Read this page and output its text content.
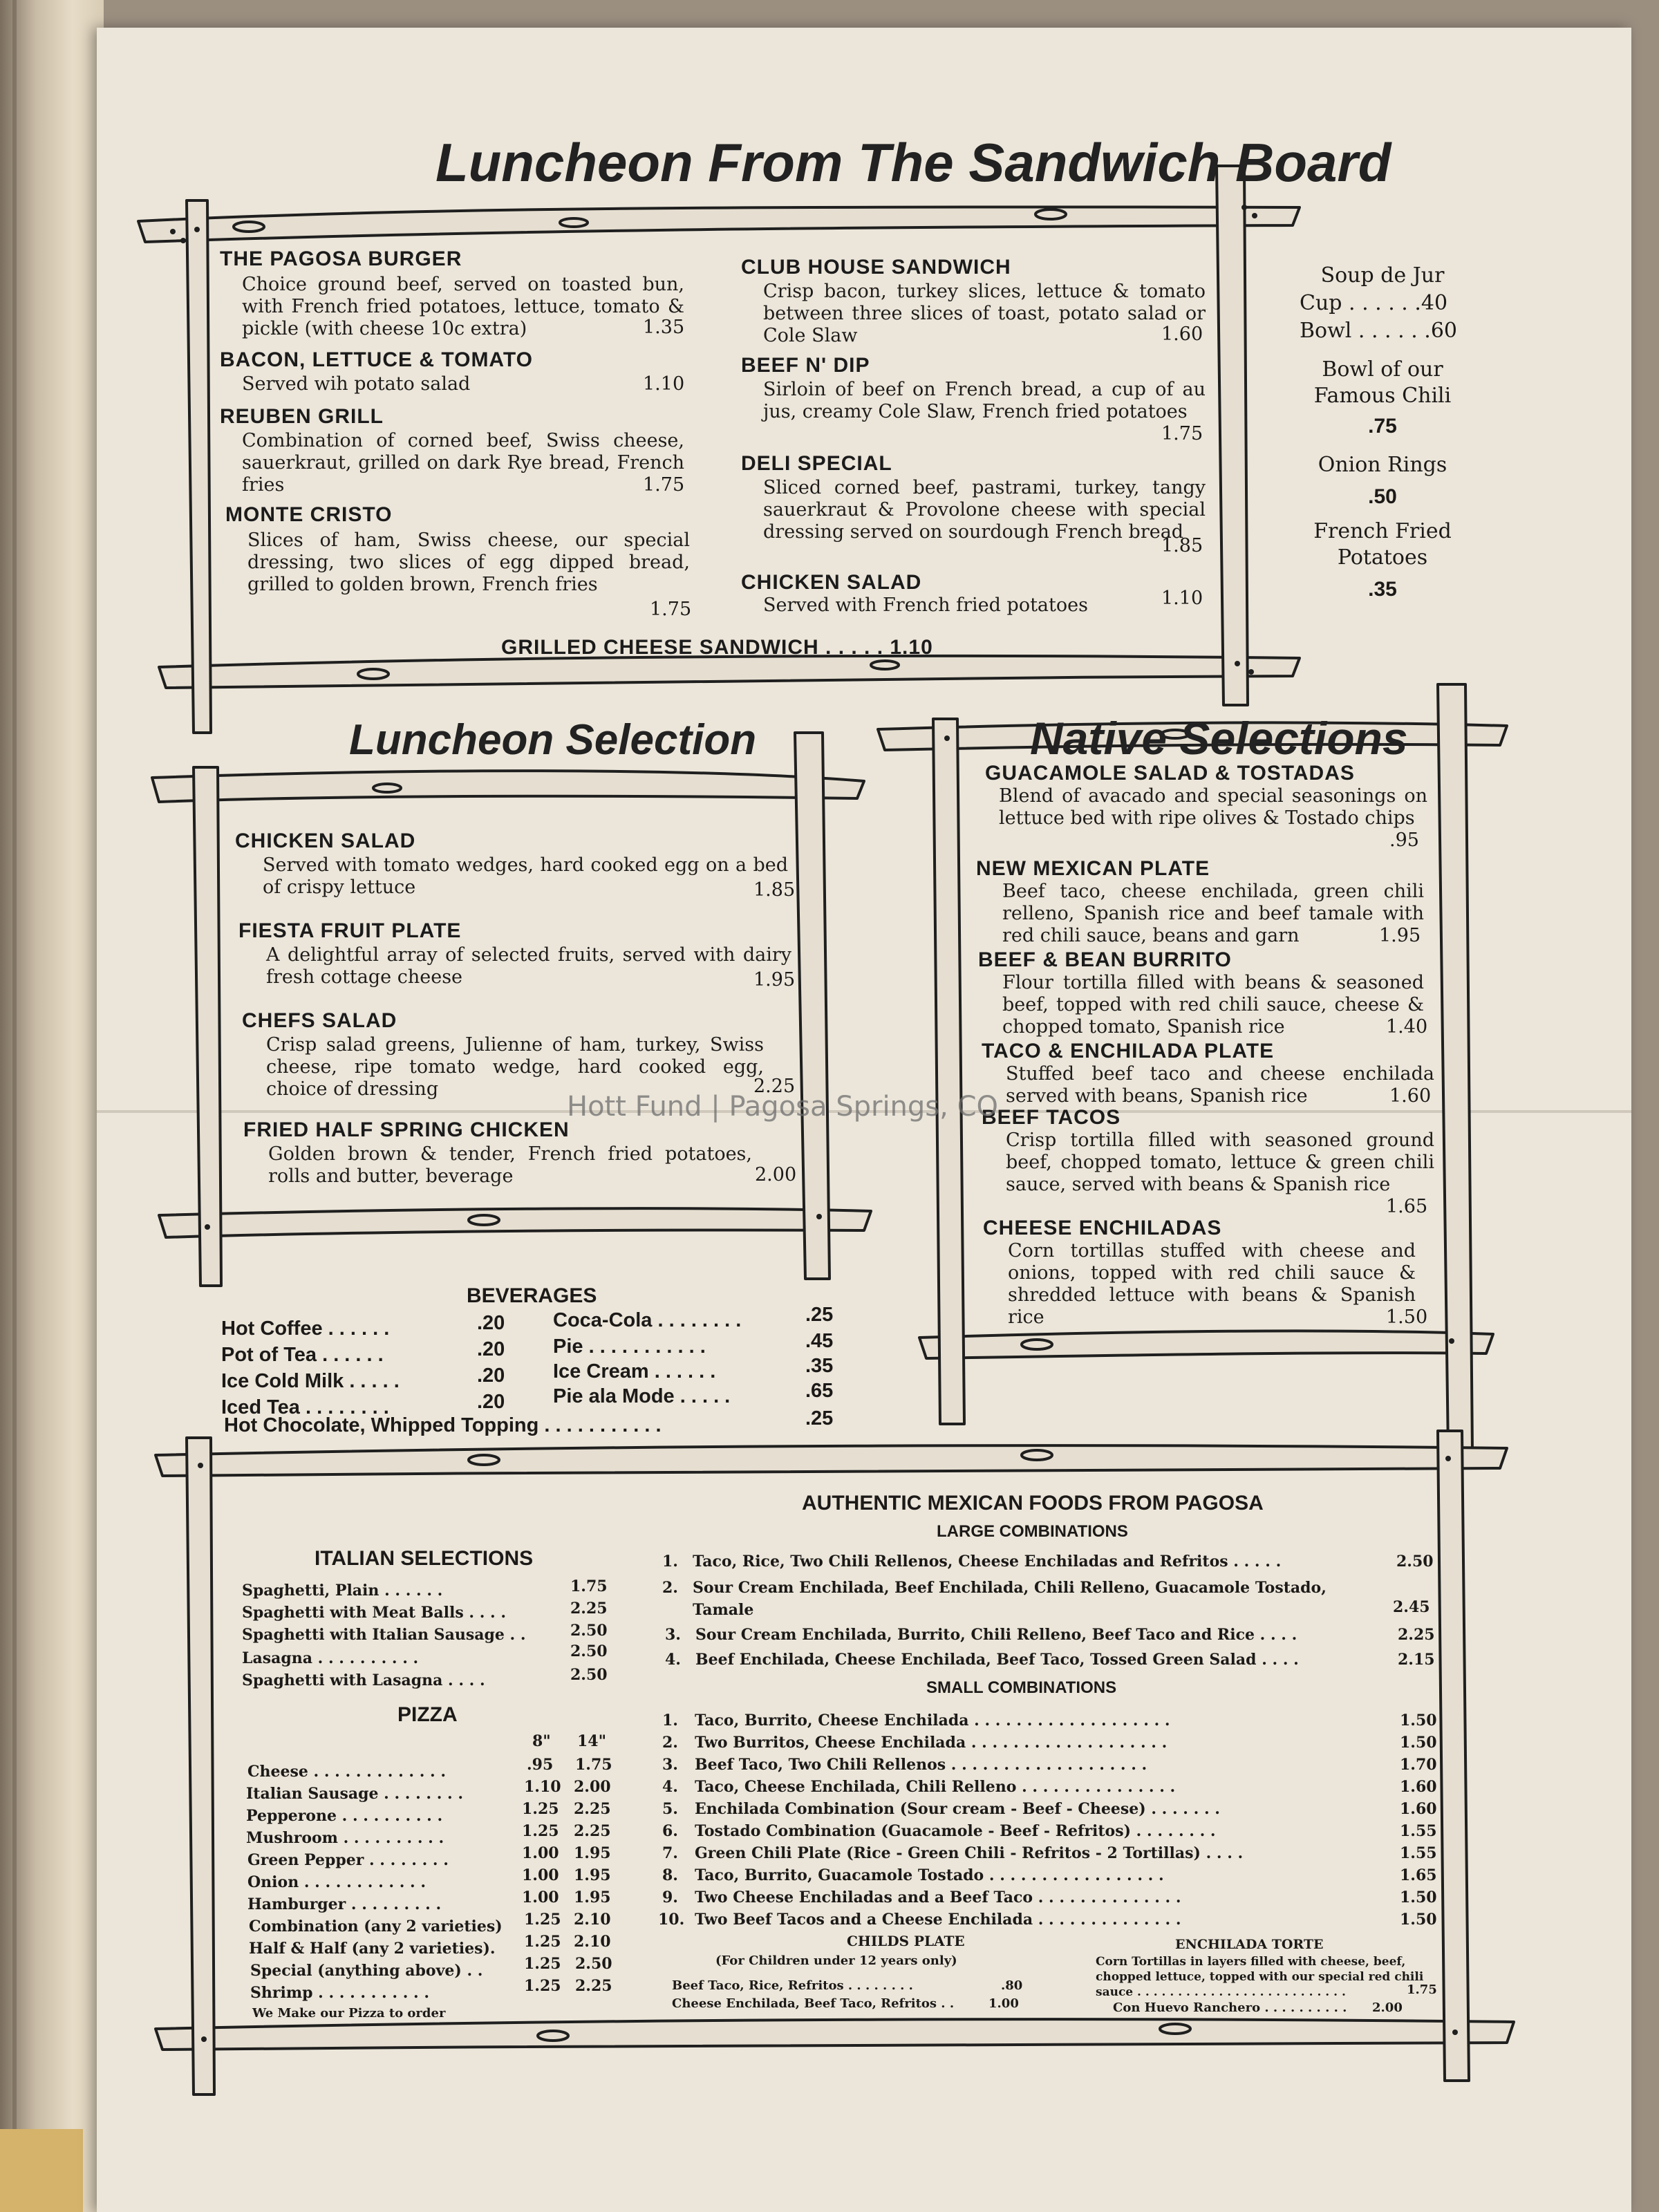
Luncheon From The Sandwich Board
THE PAGOSA BURGER
Choice ground beef, served on toasted bun, with French fried potatoes, lettuce, tomato & pickle (with cheese 10c extra)	1.35
BACON, LETTUCE & TOMATO
Served wih potato salad	1.10
REUBEN GRILL
Combination of corned beef, Swiss cheese, sauerkraut, grilled on dark Rye bread, French fries	1.75
MONTE CRISTO
Slices of ham, Swiss cheese, our special dressing, two slices of egg dipped bread, grilled to golden brown, French fries
1.75
CLUB HOUSE SANDWICH
Crisp bacon, turkey slices, lettuce & tomato between three slices of toast, potato salad or Cole Slaw	1.60
BEEF N' DIP
Sirloin of beef on French bread, a cup of au jus, creamy Cole Slaw, French fried potatoes
1.75
DELI SPECIAL
Sliced corned beef, pastrami, turkey, tangy sauerkraut & Provolone cheese with special dressing served on sourdough French bread
1.85
CHICKEN SALAD
Served with French fried potatoes	1.10
GRILLED CHEESE SANDWICH . . . . . 1.10
Soup de Jur
Cup . . . . . .40
Bowl . . . . . .60
Bowl of our Famous Chili
.75
Onion Rings
.50
French Fried Potatoes
.35
Luncheon Selection
CHICKEN SALAD
Served with tomato wedges, hard cooked egg on a bed of crispy lettuce	1.85
FIESTA FRUIT PLATE
A delightful array of selected fruits, served with dairy fresh cottage cheese	1.95
CHEFS SALAD
Crisp salad greens, Julienne of ham, turkey, Swiss cheese, ripe tomato wedge, hard cooked egg, choice of dressing	2.25
FRIED HALF SPRING CHICKEN
Golden brown & tender, French fried potatoes, rolls and butter, beverage	2.00
Native Selections
GUACAMOLE SALAD & TOSTADAS
Blend of avacado and special seasonings on lettuce bed with ripe olives & Tostado chips
.95
NEW MEXICAN PLATE
Beef taco, cheese enchilada, green chili relleno, Spanish rice and beef tamale with red chili sauce, beans and garn	1.95
BEEF & BEAN BURRITO
Flour tortilla filled with beans & seasoned beef, topped with red chili sauce, cheese & chopped tomato, Spanish rice	1.40
TACO & ENCHILADA PLATE
Stuffed beef taco and cheese enchilada served with beans, Spanish rice	1.60
BEEF TACOS
Crisp tortilla filled with seasoned ground beef, chopped tomato, lettuce & green chili sauce, served with beans & Spanish rice
1.65
CHEESE ENCHILADAS
Corn tortillas stuffed with cheese and onions, topped with red chili sauce & shredded lettuce with beans & Spanish rice	1.50
BEVERAGES
Hot Coffee . . . . . .	.20
Pot of Tea . . . . . .	.20
Ice Cold Milk . . . . .	.20
Iced Tea . . . . . . . .	.20
Coca-Cola . . . . . . . .	.25
Pie . . . . . . . . . . .	.45
Ice Cream . . . . . .	.35
Pie ala Mode . . . . .	.65
Hot Chocolate, Whipped Topping . . . . . . . . . . .	.25
ITALIAN SELECTIONS
Spaghetti, Plain . . . . . .	1.75
Spaghetti with Meat Balls . . . .	2.25
Spaghetti with Italian Sausage . .	2.50
Lasagna . . . . . . . . . .	2.50
Spaghetti with Lasagna . . . .	2.50
PIZZA
8" 14"
Cheese . . . . . . . . . . . . .	.95 1.75
Italian Sausage . . . . . . . .	1.10 2.00
Pepperone . . . . . . . . . .	1.25 2.25
Mushroom . . . . . . . . . .	1.25 2.25
Green Pepper . . . . . . . .	1.00 1.95
Onion . . . . . . . . . . . .	1.00 1.95
Hamburger . . . . . . . . .	1.00 1.95
Combination (any 2 varieties) 1.25 2.10
Half & Half (any 2 varieties). 1.25 2.10
Special (anything above) . .	1.25 2.50
Shrimp . . . . . . . . . . .	1.25 2.25
We Make our Pizza to order
AUTHENTIC MEXICAN FOODS FROM PAGOSA
LARGE COMBINATIONS
1. Taco, Rice, Two Chili Rellenos, Cheese Enchiladas and Refritos . . . . .	2.50
2. Sour Cream Enchilada, Beef Enchilada, Chili Relleno, Guacamole Tostado,
Tamale	2.45
3. Sour Cream Enchilada, Burrito, Chili Relleno, Beef Taco and Rice . . . .	2.25
4. Beef Enchilada, Cheese Enchilada, Beef Taco, Tossed Green Salad . . . .	2.15
SMALL COMBINATIONS
1. Taco, Burrito, Cheese Enchilada . . . . . . . . . . . . . . . . . . .	1.50
2. Two Burritos, Cheese Enchilada . . . . . . . . . . . . . . . . . . .	1.50
3. Beef Taco, Two Chili Rellenos . . . . . . . . . . . . . . . . . . .	1.70
4. Taco, Cheese Enchilada, Chili Relleno . . . . . . . . . . . . . . .	1.60
5. Enchilada Combination (Sour cream - Beef - Cheese) . . . . . . .	1.60
6. Tostado Combination (Guacamole - Beef - Refritos) . . . . . . . .	1.55
7. Green Chili Plate (Rice - Green Chili - Refritos - 2 Tortillas) . . . .	1.55
8. Taco, Burrito, Guacamole Tostado . . . . . . . . . . . . . . . . .	1.65
9. Two Cheese Enchiladas and a Beef Taco . . . . . . . . . . . . . .	1.50
10. Two Beef Tacos and a Cheese Enchilada . . . . . . . . . . . . . .	1.50
CHILDS PLATE
(For Children under 12 years only)
Beef Taco, Rice, Refritos . . . . . . . .	.80
Cheese Enchilada, Beef Taco, Refritos . .	1.00
ENCHILADA TORTE
Corn Tortillas in layers filled with cheese, beef,
chopped lettuce, topped with our special red chili
sauce . . . . . . . . . . . . . . . . . . . . . . . . . .	1.75
Con Huevo Ranchero . . . . . . . . . . 2.00
Hott Fund | Pagosa Springs, CO
